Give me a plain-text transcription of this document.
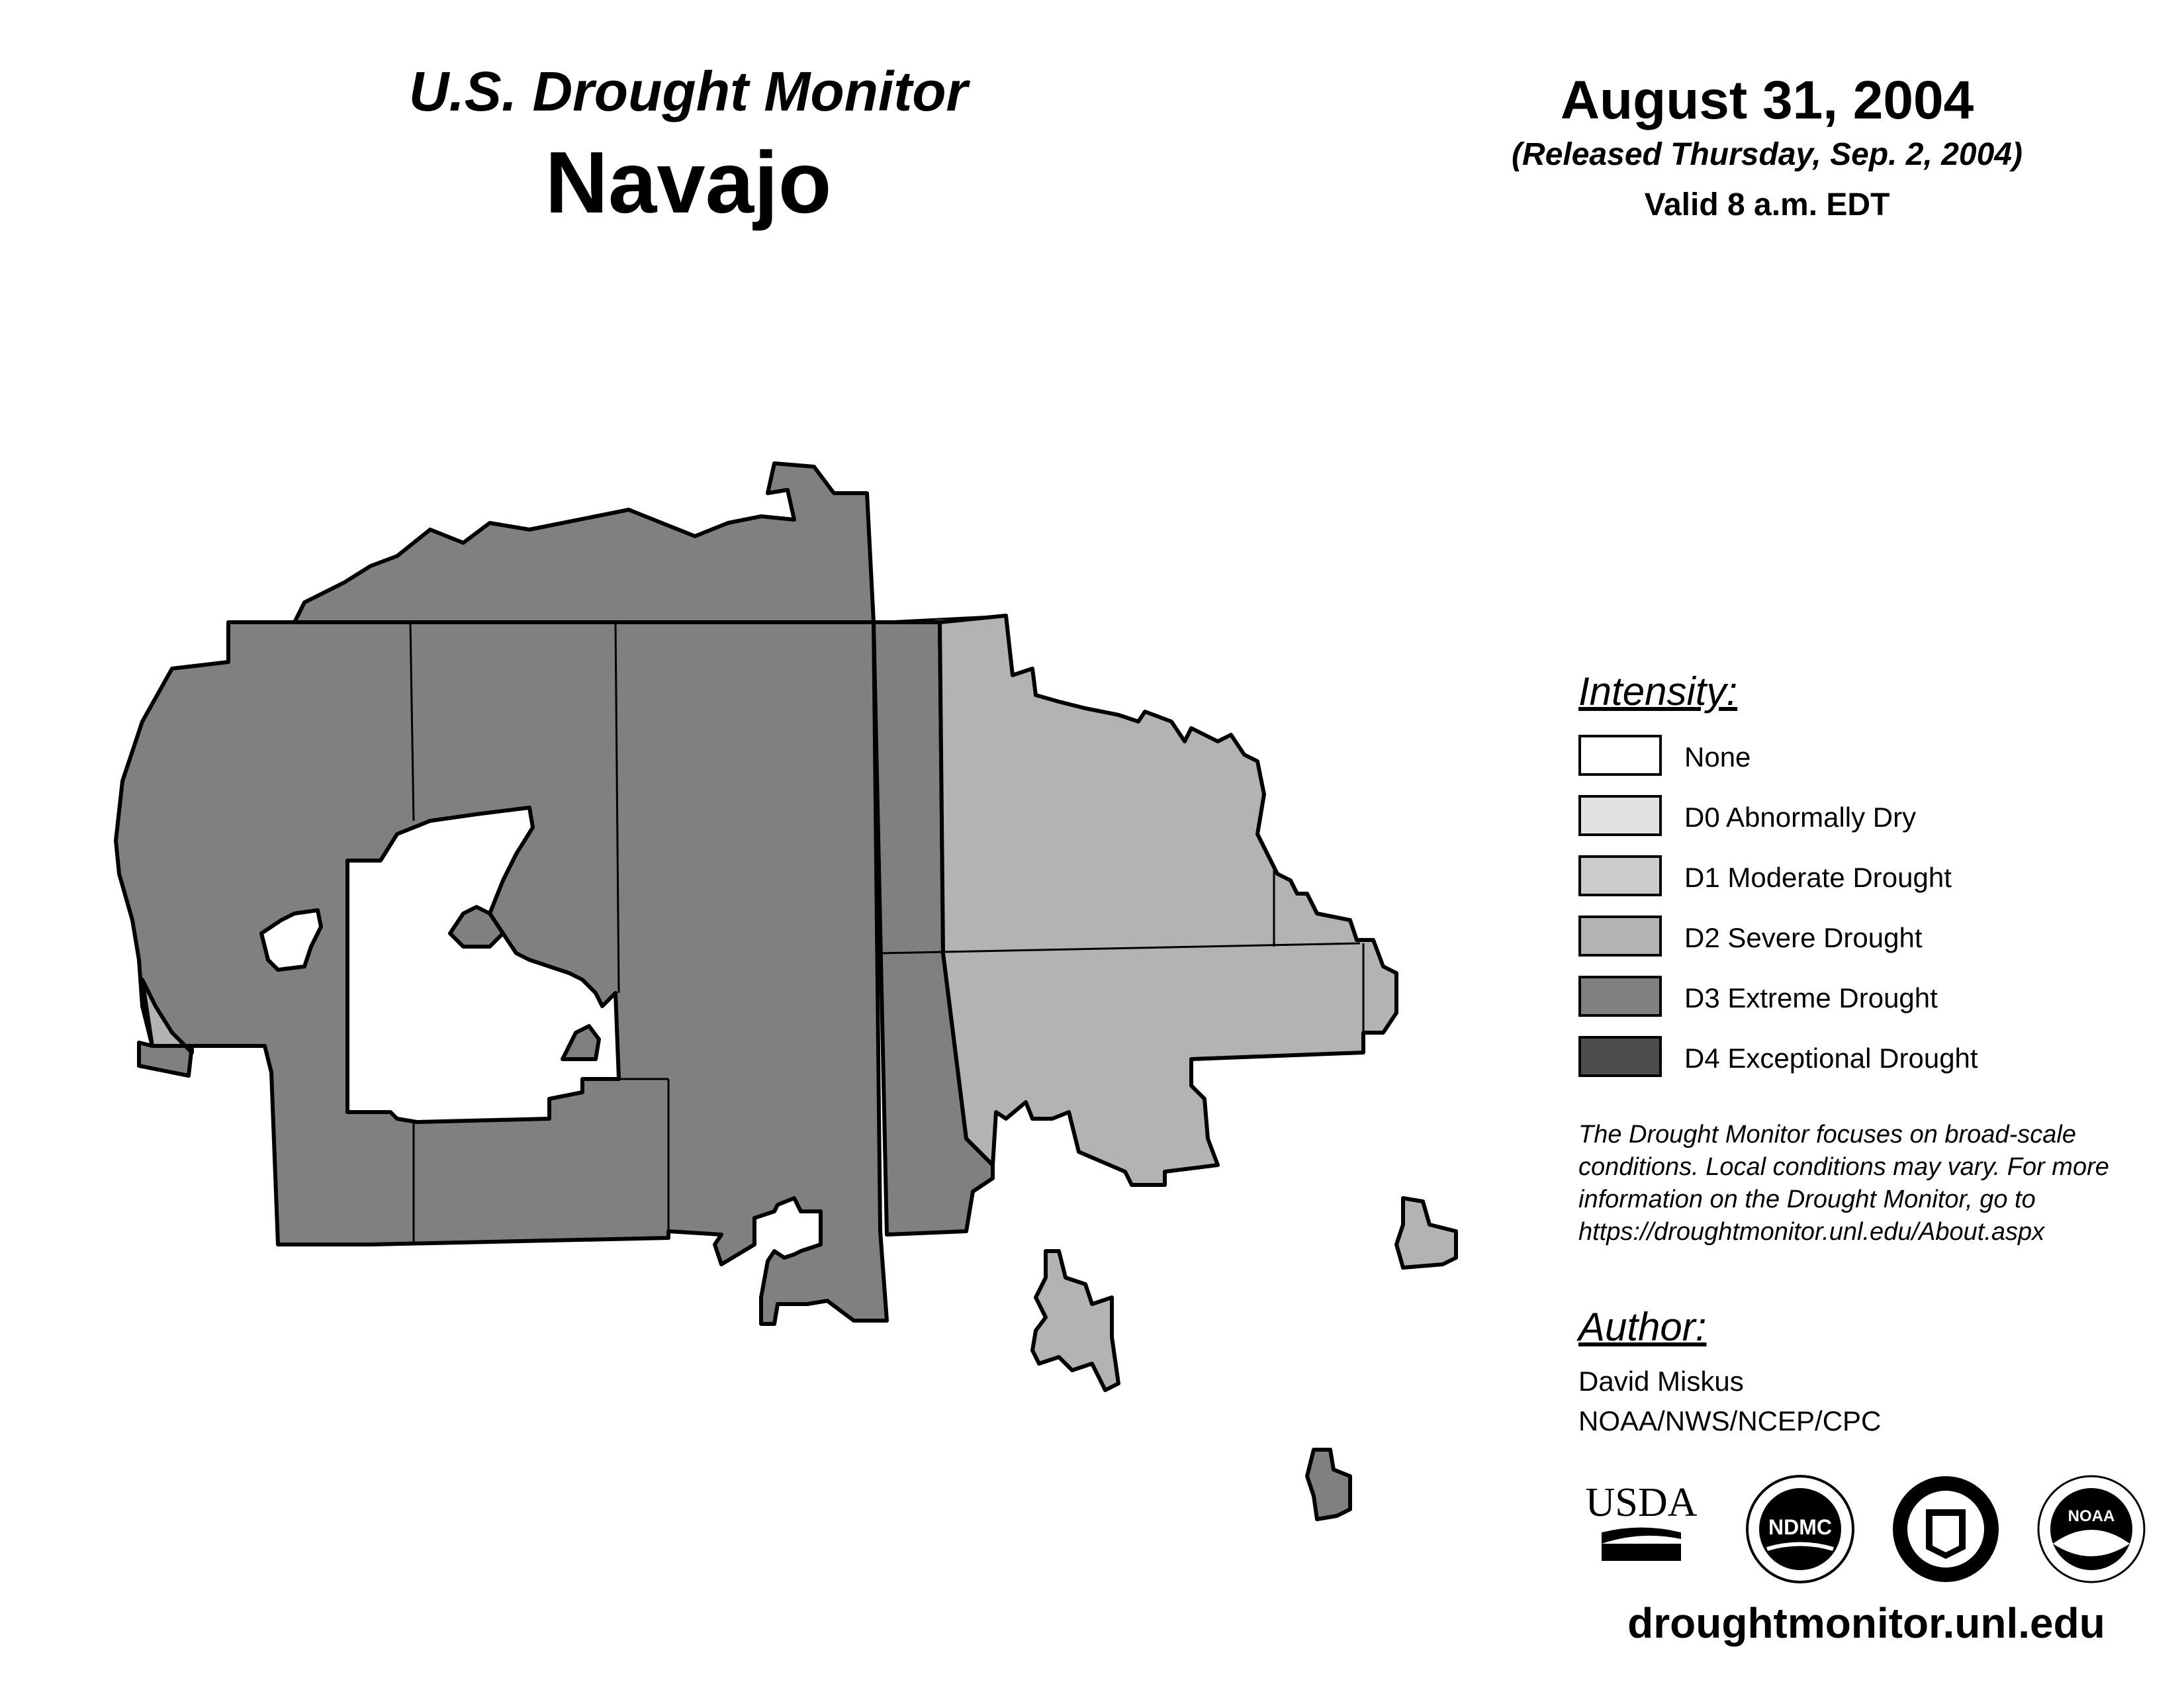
U.S. Drought Monitor
Navajo
August 31, 2004
(Released Thursday, Sep. 2, 2004)
Valid 8 a.m. EDT
Intensity:
None
D0 Abnormally Dry
D1 Moderate Drought
D2 Severe Drought
D3 Extreme Drought
D4 Exceptional Drought
The Drought Monitor focuses on broad-scale
conditions. Local conditions may vary. For more
information on the Drought Monitor, go to
https://droughtmonitor.unl.edu/About.aspx
Author:
David Miskus
NOAA/NWS/NCEP/CPC
USDA
NDMC	NOAA
droughtmonitor.unl.edu
